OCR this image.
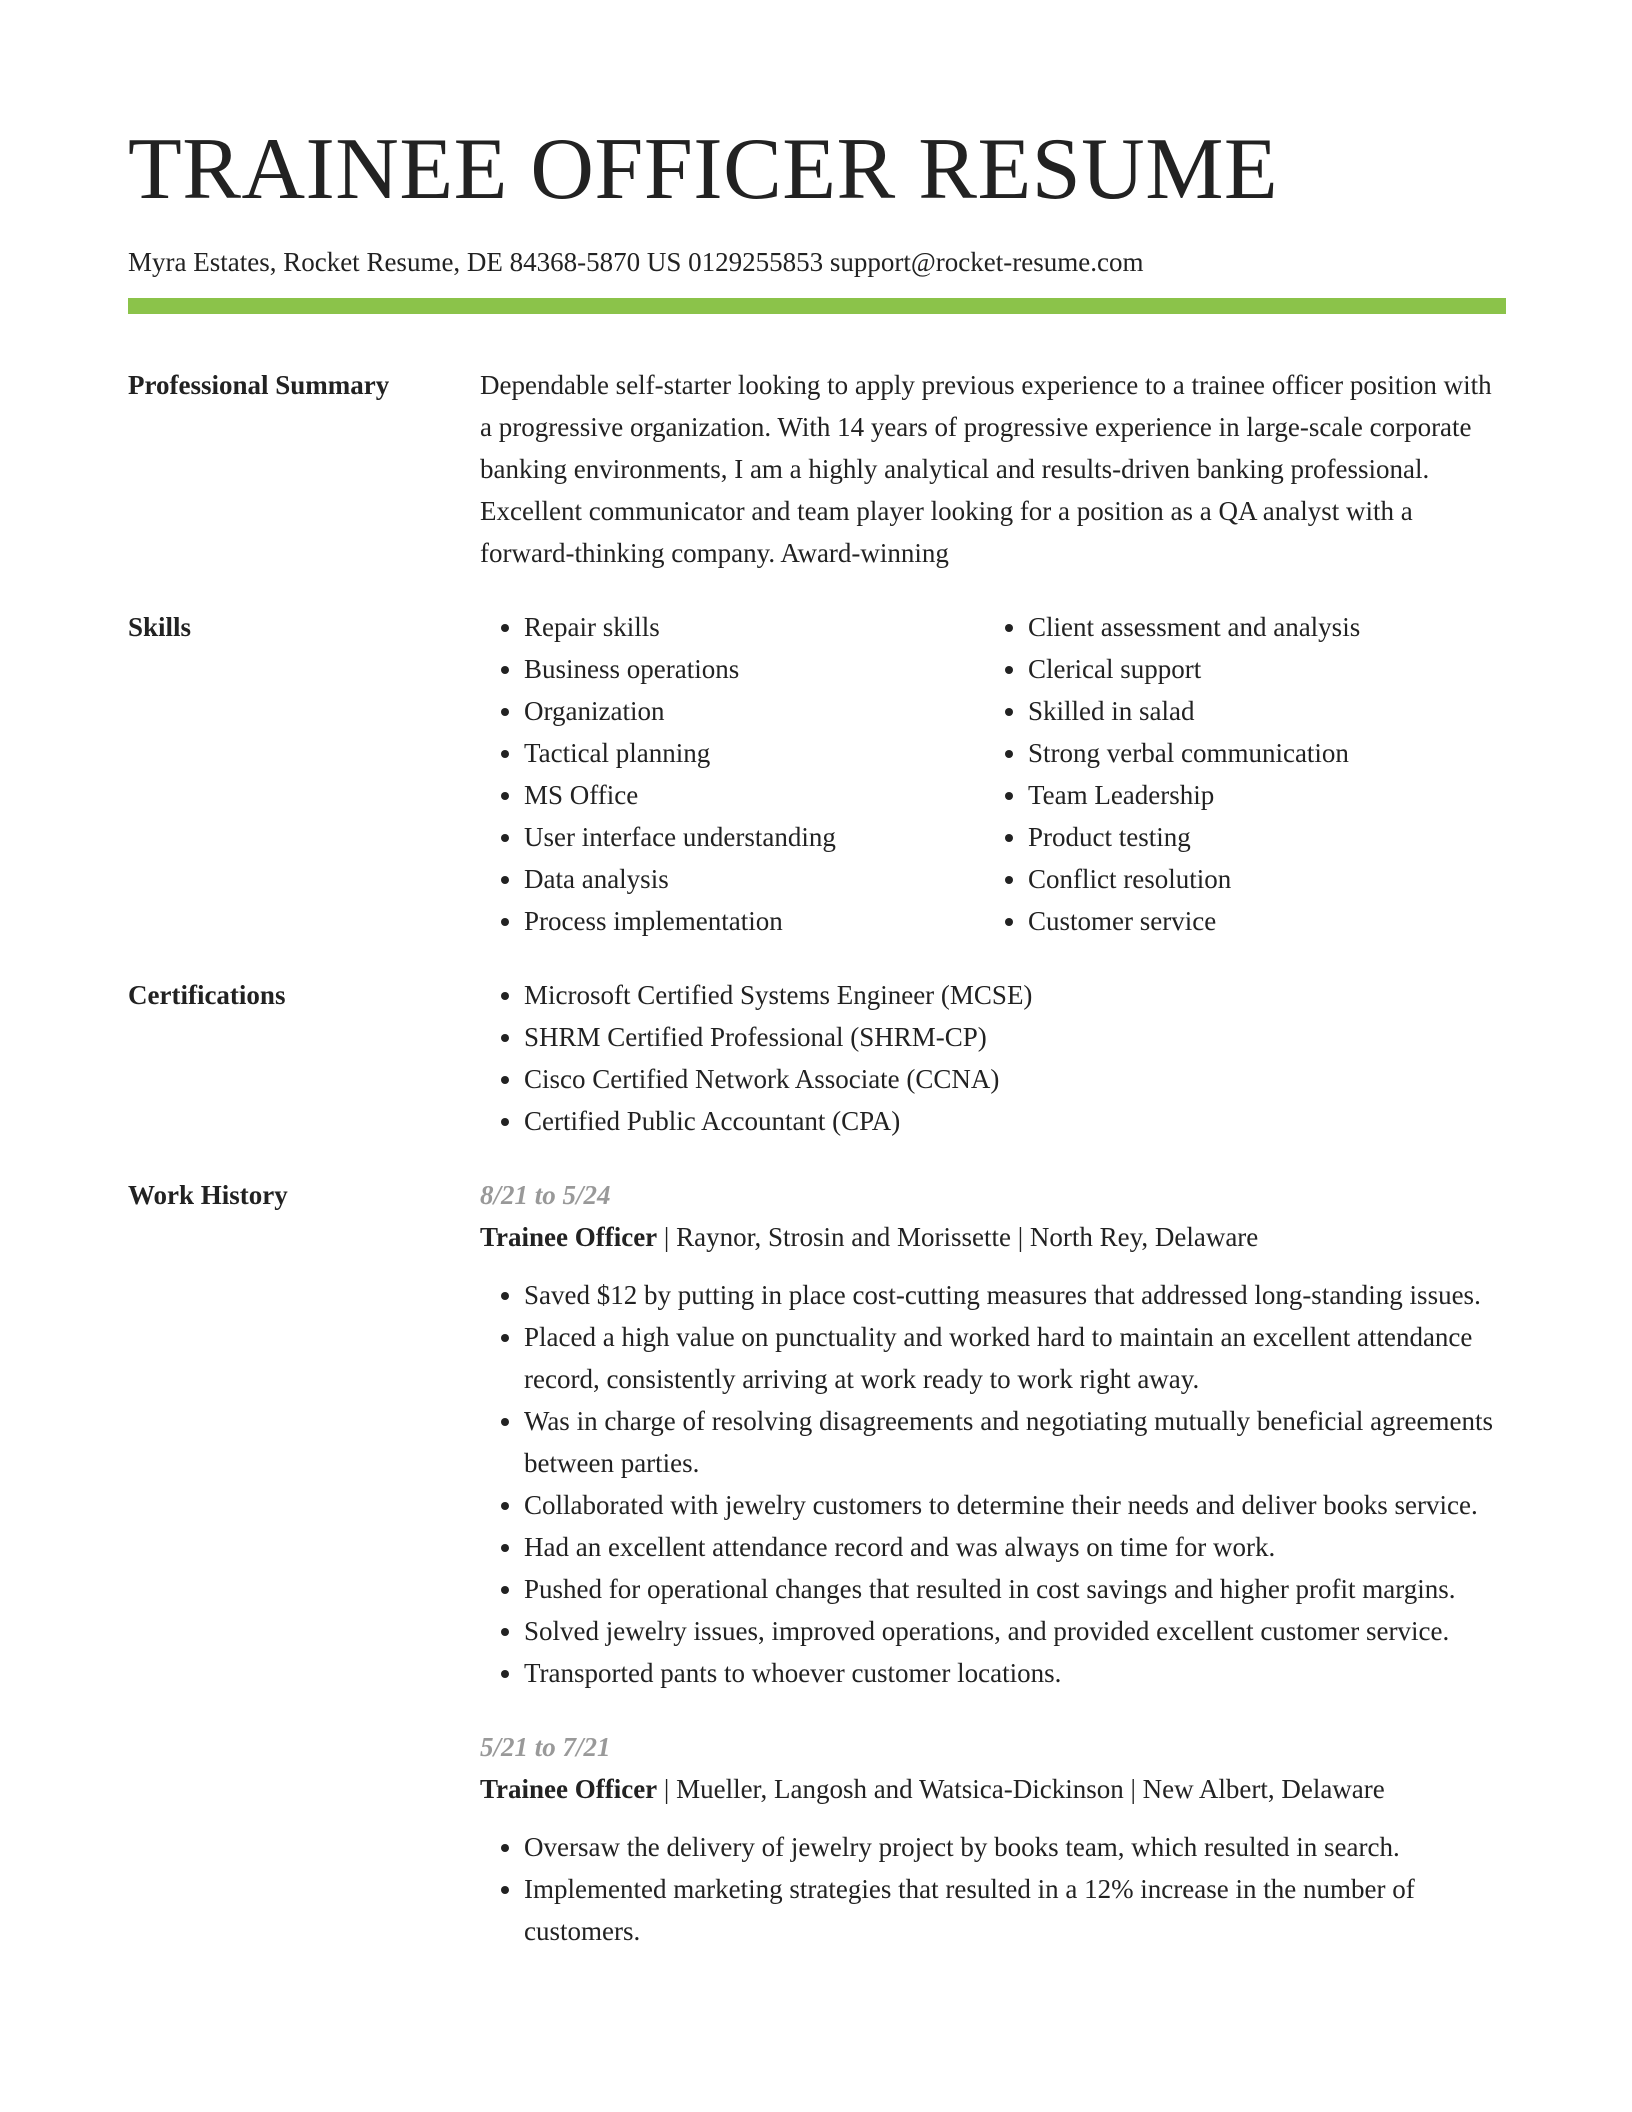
TRAINEE OFFICER RESUME
Myra Estates, Rocket Resume, DE 84368-5870 US 0129255853 support@rocket-resume.com
Professional Summary	Dependable self-starter looking to apply previous experience to a trainee officer position with a progressive organization. With 14 years of progressive experience in large-scale corporate banking environments, I am a highly analytical and results-driven banking professional. Excellent communicator and team player looking for a position as a QA analyst with a forward-thinking company. Award-winning
Skills	• Repair skills
• Business operations
• Organization
• Tactical planning
• MS Office
• User interface understanding
• Data analysis
• Process implementation
• Client assessment and analysis
• Clerical support
• Skilled in salad
• Strong verbal communication
• Team Leadership
• Product testing
• Conflict resolution
• Customer service
Certifications	• Microsoft Certified Systems Engineer (MCSE)
• SHRM Certified Professional (SHRM-CP)
• Cisco Certified Network Associate (CCNA)
• Certified Public Accountant (CPA)
Work History	8/21 to 5/24
Trainee Officer | Raynor, Strosin and Morissette | North Rey, Delaware
• Saved $12 by putting in place cost-cutting measures that addressed long-standing issues.
• Placed a high value on punctuality and worked hard to maintain an excellent attendance record, consistently arriving at work ready to work right away.
• Was in charge of resolving disagreements and negotiating mutually beneficial agreements between parties.
• Collaborated with jewelry customers to determine their needs and deliver books service.
• Had an excellent attendance record and was always on time for work.
• Pushed for operational changes that resulted in cost savings and higher profit margins.
• Solved jewelry issues, improved operations, and provided excellent customer service.
• Transported pants to whoever customer locations.
5/21 to 7/21
Trainee Officer | Mueller, Langosh and Watsica-Dickinson | New Albert, Delaware
• Oversaw the delivery of jewelry project by books team, which resulted in search.
• Implemented marketing strategies that resulted in a 12% increase in the number of customers.
